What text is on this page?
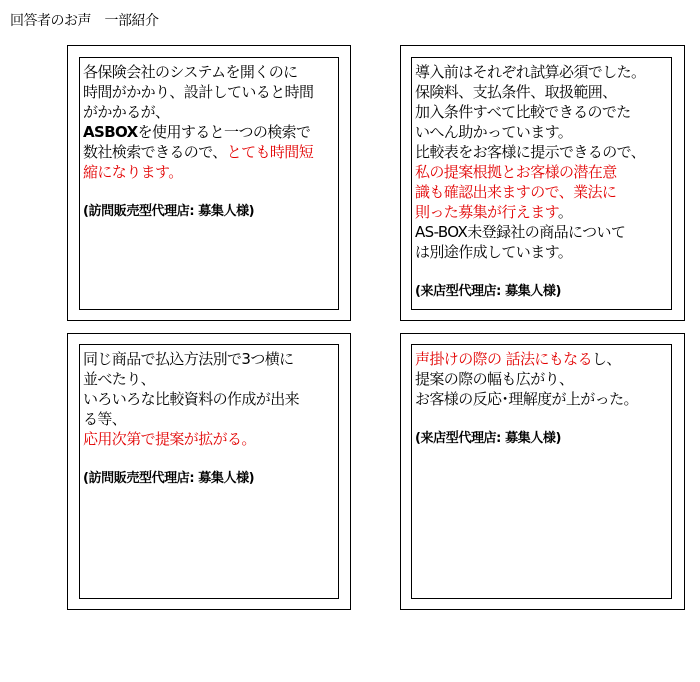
回答者のお声　一部紹介
各保険会社のシステムを開くのに
時間がかかり、設計していると時間
がかかるが、
ASBOXを使用すると一つの検索で
数社検索できるので、とても時間短
縮になります。
(訪問販売型代理店: 募集人様)
導入前はそれぞれ試算必須でした。
保険料、支払条件、取扱範囲、
加入条件すべて比較できるのでた
いへん助かっています。
比較表をお客様に提示できるので、
私の提案根拠とお客様の潜在意
識も確認出来ますので、業法に
則った募集が行えます。
AS-BOX未登録社の商品について
は別途作成しています。
(来店型代理店: 募集人様)
同じ商品で払込方法別で3つ横に
並べたり、
いろいろな比較資料の作成が出来
る等、
応用次第で提案が拡がる。
(訪問販売型代理店: 募集人様)
声掛けの際の 話法にもなるし、
提案の際の幅も広がり、
お客様の反応･理解度が上がった。
(来店型代理店: 募集人様)
